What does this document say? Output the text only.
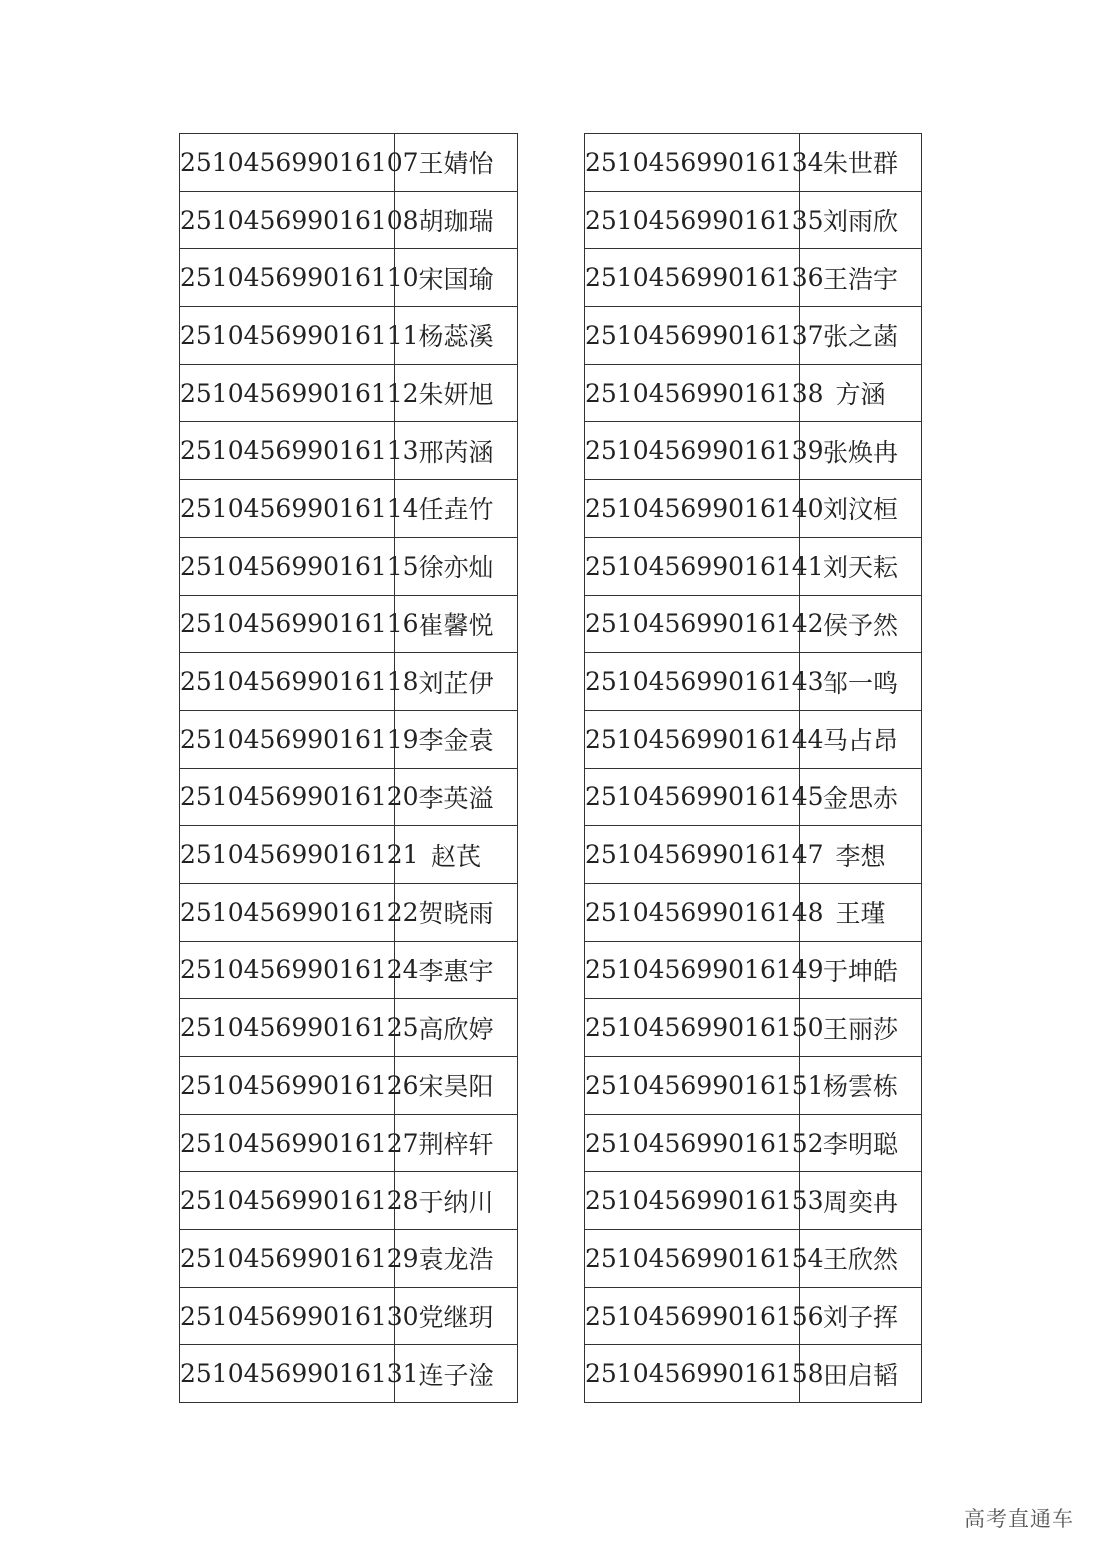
251045699016107	王婧怡
251045699016108	胡珈瑞
251045699016110	宋国瑜
251045699016111	杨蕊溪
251045699016112	朱妍旭
251045699016113	邢芮涵
251045699016114	任垚竹
251045699016115	徐亦灿
251045699016116	崔馨悦
251045699016118	刘芷伊
251045699016119	李金袁
251045699016120	李英溢
251045699016121	赵芪
251045699016122	贺晓雨
251045699016124	李惠宇
251045699016125	高欣婷
251045699016126	宋昊阳
251045699016127	荆梓轩
251045699016128	于纳川
251045699016129	袁龙浩
251045699016130	党继玥
251045699016131	连子淦
251045699016134	朱世群
251045699016135	刘雨欣
251045699016136	王浩宇
251045699016137	张之菡
251045699016138	方涵
251045699016139	张焕冉
251045699016140	刘汶桓
251045699016141	刘天耘
251045699016142	侯予然
251045699016143	邹一鸣
251045699016144	马占昂
251045699016145	金思赤
251045699016147	李想
251045699016148	王瑾
251045699016149	于坤皓
251045699016150	王丽莎
251045699016151	杨雲栋
251045699016152	李明聪
251045699016153	周奕冉
251045699016154	王欣然
251045699016156	刘子挥
251045699016158	田启韬
高考直通车
